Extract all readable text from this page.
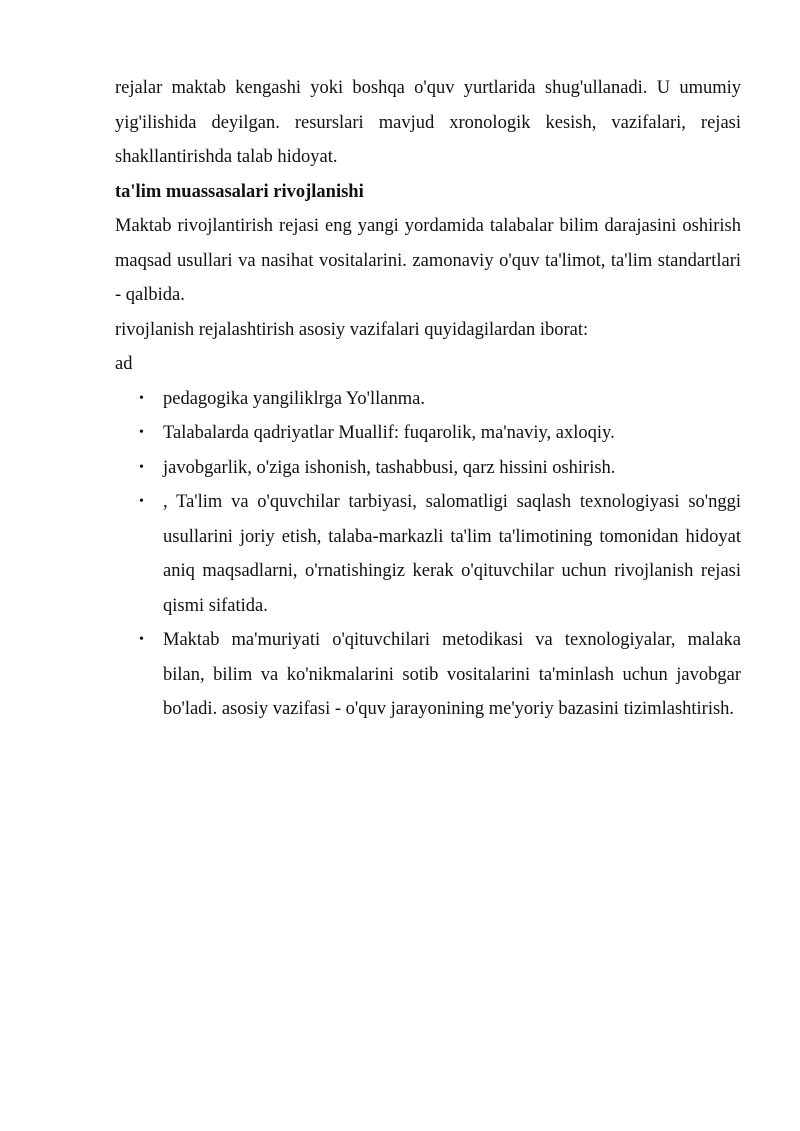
rejalar maktab kengashi yoki boshqa o'quv yurtlarida shug'ullanadi. U umumiy yig'ilishida deyilgan. resurslari mavjud xronologik kesish, vazifalari, rejasi shakllantirishda talab hidoyat.

ta'lim muassasalari rivojlanishi

Maktab rivojlantirish rejasi eng yangi yordamida talabalar bilim darajasini oshirish maqsad usullari va nasihat vositalarini. zamonaviy o'quv ta'limot, ta'lim standartlari - qalbida.

rivojlanish rejalashtirish asosiy vazifalari quyidagilardan iborat:

ad

• pedagogika yangiliklrga Yo'llanma.
• Talabalarda qadriyatlar Muallif: fuqarolik, ma'naviy, axloqiy.
• javobgarlik, o'ziga ishonish, tashabbusi, qarz hissini oshirish.
• , Ta'lim va o'quvchilar tarbiyasi, salomatligi saqlash texnologiyasi so'nggi usullarini joriy etish, talaba-markazli ta'lim ta'limotining tomonidan hidoyat aniq maqsadlarni, o'rnatishingiz kerak o'qituvchilar uchun rivojlanish rejasi qismi sifatida.
• Maktab ma'muriyati o'qituvchilari metodikasi va texnologiyalar, malaka bilan, bilim va ko'nikmalarini sotib vositalarini ta'minlash uchun javobgar bo'ladi. asosiy vazifasi - o'quv jarayonining me'yoriy bazasini tizimlashtirish.
